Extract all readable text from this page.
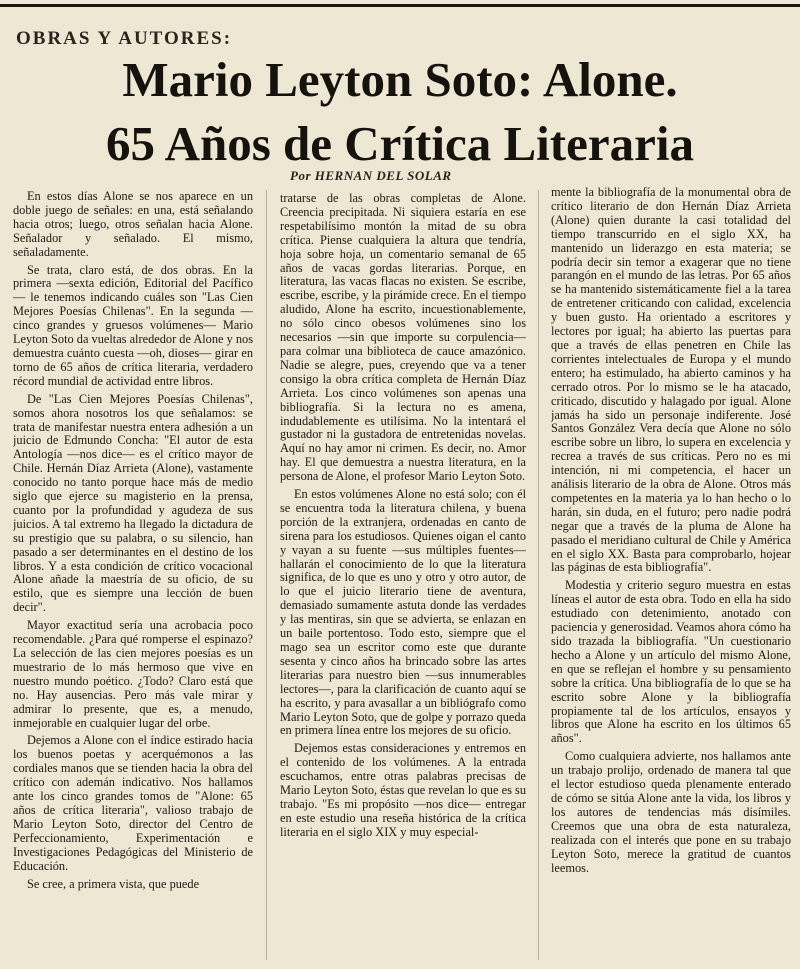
OBRAS Y AUTORES:
Mario Leyton Soto: Alone.
65 Años de Crítica Literaria
Por HERNAN DEL SOLAR

En estos días Alone se nos aparece en un doble juego de señales: en una, está señalando hacia otros; luego, otros señalan hacia Alone. Señalador y señalado. El mismo, señaladamente.

Se trata, claro está, de dos obras. En la primera —sexta edición, Editorial del Pacífico— le tenemos indicando cuáles son "Las Cien Mejores Poesías Chilenas". En la segunda —cinco grandes y gruesos volúmenes— Mario Leyton Soto da vueltas alrededor de Alone y nos demuestra cuánto cuesta —oh, dioses— girar en torno de 65 años de crítica literaria, verdadero récord mundial de actividad entre libros.

De "Las Cien Mejores Poesías Chilenas", somos ahora nosotros los que señalamos: se trata de manifestar nuestra entera adhesión a un juicio de Edmundo Concha: "El autor de esta Antología —nos dice— es el crítico mayor de Chile. Hernán Díaz Arrieta (Alone), vastamente conocido no tanto porque hace más de medio siglo que ejerce su magisterio en la prensa, cuanto por la profundidad y agudeza de sus juicios. A tal extremo ha llegado la dictadura de su prestigio que su palabra, o su silencio, han pasado a ser determinantes en el destino de los libros. Y a esta condición de crítico vocacional Alone añade la maestría de su oficio, de su estilo, que es siempre una lección de buen decir".

Mayor exactitud sería una acrobacia poco recomendable. ¿Para qué romperse el espinazo? La selección de las cien mejores poesías es un muestrario de lo más hermoso que vive en nuestro mundo poético. ¿Todo? Claro está que no. Hay ausencias. Pero más vale mirar y admirar lo presente, que es, a menudo, inmejorable en cualquier lugar del orbe.

Dejemos a Alone con el índice estirado hacia los buenos poetas y acerquémonos a las cordiales manos que se tienden hacia la obra del crítico con ademán indicativo. Nos hallamos ante los cinco grandes tomos de "Alone: 65 años de crítica literaria", valioso trabajo de Mario Leyton Soto, director del Centro de Perfeccionamiento, Experimentación e Investigaciones Pedagógicas del Ministerio de Educación.

Se cree, a primera vista, que puede

tratarse de las obras completas de Alone. Creencia precipitada. Ni siquiera estaría en ese respetabilísimo montón la mitad de su obra crítica. Piense cualquiera la altura que tendría, hoja sobre hoja, un comentario semanal de 65 años de vacas gordas literarias. Porque, en literatura, las vacas flacas no existen. Se escribe, escribe, escribe, y la pirámide crece. En el tiempo aludido, Alone ha escrito, incuestionablemente, no sólo cinco obesos volúmenes sino los necesarios —sin que importe su corpulencia— para colmar una biblioteca de cauce amazónico. Nadie se alegre, pues, creyendo que va a tener consigo la obra crítica completa de Hernán Díaz Arrieta. Los cinco volúmenes son apenas una bibliografía. Si la lectura no es amena, indudablemente es utilísima. No la intentará el gustador ni la gustadora de entretenidas novelas. Aquí no hay amor ni crimen. Es decir, no. Amor hay. El que demuestra a nuestra literatura, en la persona de Alone, el profesor Mario Leyton Soto.

En estos volúmenes Alone no está solo; con él se encuentra toda la literatura chilena, y buena porción de la extranjera, ordenadas en canto de sirena para los estudiosos. Quienes oigan el canto y vayan a su fuente —sus múltiples fuentes— hallarán el conocimiento de lo que la literatura significa, de lo que es uno y otro y otro autor, de lo que el juicio literario tiene de aventura, demasiado sumamente astuta donde las verdades y las mentiras, sin que se advierta, se enlazan en un baile portentoso. Todo esto, siempre que el mago sea un escritor como este que durante sesenta y cinco años ha brincado sobre las artes literarias para nuestro bien —sus innumerables lectores—, para la clarificación de cuanto aquí se ha escrito, y para avasallar a un bibliógrafo como Mario Leyton Soto, que de golpe y porrazo queda en primera línea entre los mejores de su oficio.

Dejemos estas consideraciones y entremos en el contenido de los volúmenes. A la entrada escuchamos, entre otras palabras precisas de Mario Leyton Soto, éstas que revelan lo que es su trabajo. "Es mi propósito —nos dice— entregar en este estudio una reseña histórica de la crítica literaria en el siglo XIX y muy especial-

mente la bibliografía de la monumental obra de crítico literario de don Hernán Díaz Arrieta (Alone) quien durante la casi totalidad del tiempo transcurrido en el siglo XX, ha mantenido un liderazgo en esta materia; se podría decir sin temor a exagerar que no tiene parangón en el mundo de las letras. Por 65 años se ha mantenido sistemáticamente fiel a la tarea de entretener criticando con calidad, excelencia y buen gusto. Ha orientado a escritores y lectores por igual; ha abierto las puertas para que a través de ellas penetren en Chile las corrientes intelectuales de Europa y el mundo entero; ha estimulado, ha abierto caminos y ha cerrado otros. Por lo mismo se le ha atacado, criticado, discutido y halagado por igual. Alone jamás ha sido un personaje indiferente. José Santos González Vera decía que Alone no sólo escribe sobre un libro, lo supera en excelencia y recrea a través de sus críticas. Pero no es mi intención, ni mi competencia, el hacer un análisis literario de la obra de Alone. Otros más competentes en la materia ya lo han hecho o lo harán, sin duda, en el futuro; pero nadie podrá negar que a través de la pluma de Alone ha pasado el meridiano cultural de Chile y América en el siglo XX. Basta para comprobarlo, hojear las páginas de esta bibliografía".

Modestia y criterio seguro muestra en estas líneas el autor de esta obra. Todo en ella ha sido estudiado con detenimiento, anotado con paciencia y generosidad. Veamos ahora cómo ha sido trazada la bibliografía. "Un cuestionario hecho a Alone y un artículo del mismo Alone, en que se reflejan el hombre y su pensamiento sobre la crítica. Una bibliografía de lo que se ha escrito sobre Alone y la bibliografía propiamente tal de los artículos, ensayos y libros que Alone ha escrito en los últimos 65 años".

Como cualquiera advierte, nos hallamos ante un trabajo prolijo, ordenado de manera tal que el lector estudioso queda plenamente enterado de cómo se sitúa Alone ante la vida, los libros y los autores de tendencias más disímiles. Creemos que una obra de esta naturaleza, realizada con el interés que pone en su trabajo Leyton Soto, merece la gratitud de cuantos leemos.
